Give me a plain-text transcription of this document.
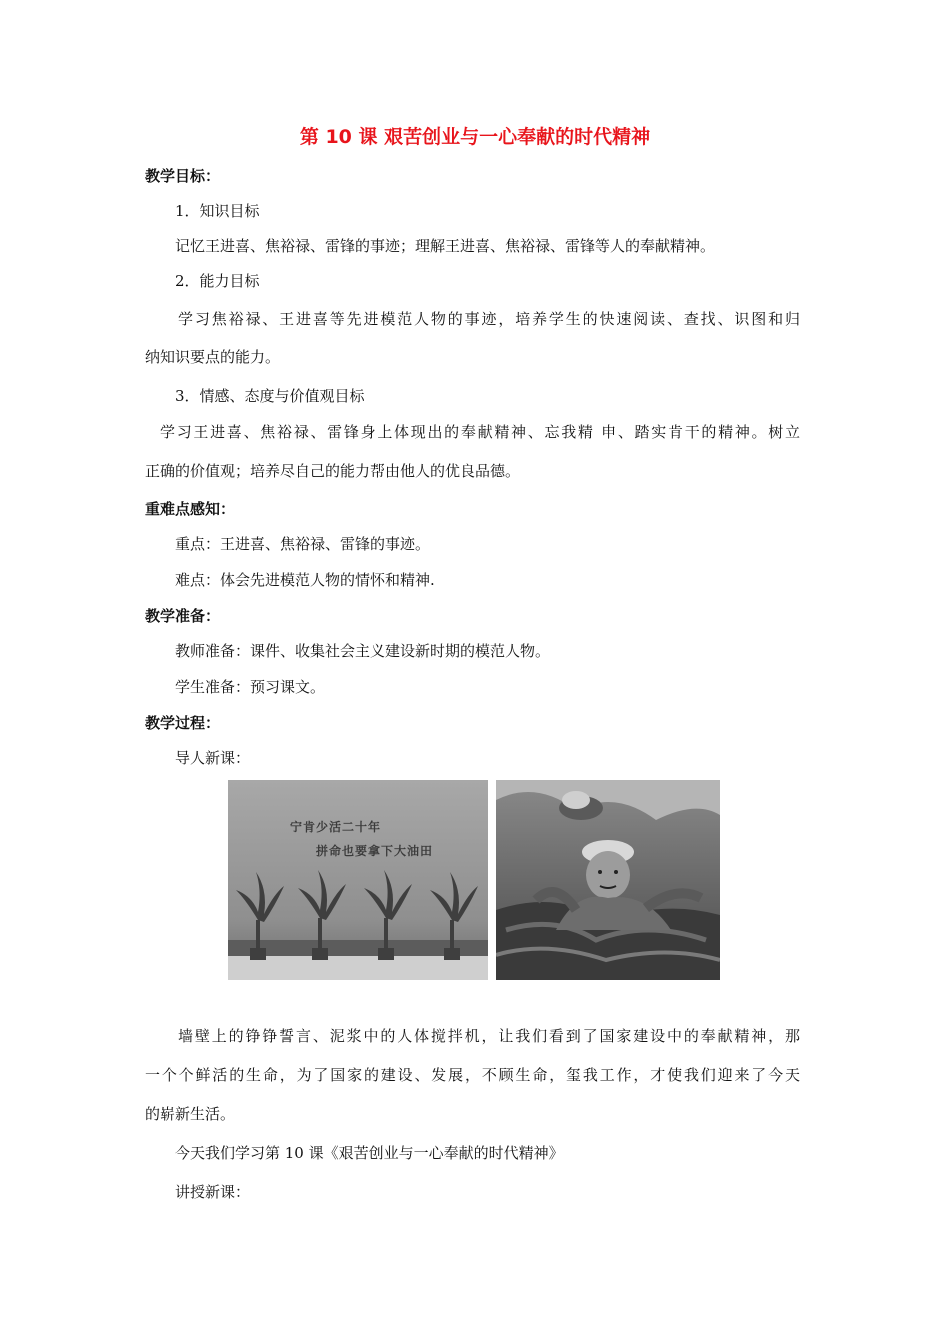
第 10 课 艰苦创业与一心奉献的时代精神
教学目标：
1．知识目标
记忆王进喜、焦裕禄、雷锋的事迹；理解王进喜、焦裕禄、雷锋等人的奉献精神。
2．能力目标
学习焦裕禄、王进喜等先进模范人物的事迹，培养学生的快速阅读、查找、识图和归
纳知识要点的能力。
3．情感、态度与价值观目标
学习王进喜、焦裕禄、雷锋身上体现出的奉献精神、忘我精 申、踏实肯干的精神。树立
正确的价值观；培养尽自己的能力帮由他人的优良品德。
重难点感知：
重点：王进喜、焦裕禄、雷锋的事迹。
难点：体会先进模范人物的情怀和精神.
教学准备：
教师准备：课件、收集社会主义建设新时期的模范人物。
学生准备：预习课文。
教学过程：
导人新课：
宁肯少活二十年
拼命也要拿下大油田
墙壁上的铮铮誓言、泥浆中的人体搅拌机，让我们看到了国家建设中的奉献精神，那
一个个鲜活的生命，为了国家的建设、发展，不顾生命，玺我工作，才使我们迎来了今天
的崭新生活。
今天我们学习第 10 课《艰苦创业与一心奉献的时代精神》
讲授新课：
